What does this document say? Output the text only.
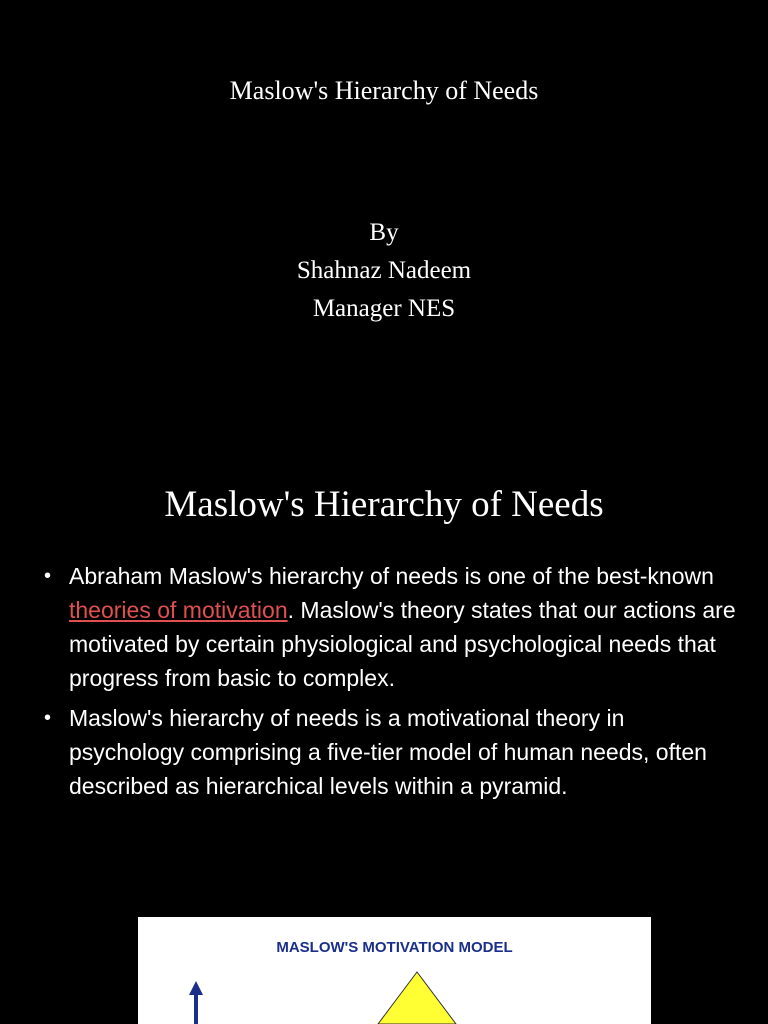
Maslow's Hierarchy of Needs
By
Shahnaz Nadeem
Manager NES
Maslow's Hierarchy of Needs
• Abraham Maslow's hierarchy of needs is one of the best-known theories of motivation. Maslow's theory states that our actions are motivated by certain physiological and psychological needs that progress from basic to complex.
• Maslow's hierarchy of needs is a motivational theory in psychology comprising a five-tier model of human needs, often described as hierarchical levels within a pyramid.
MASLOW'S MOTIVATION MODEL
